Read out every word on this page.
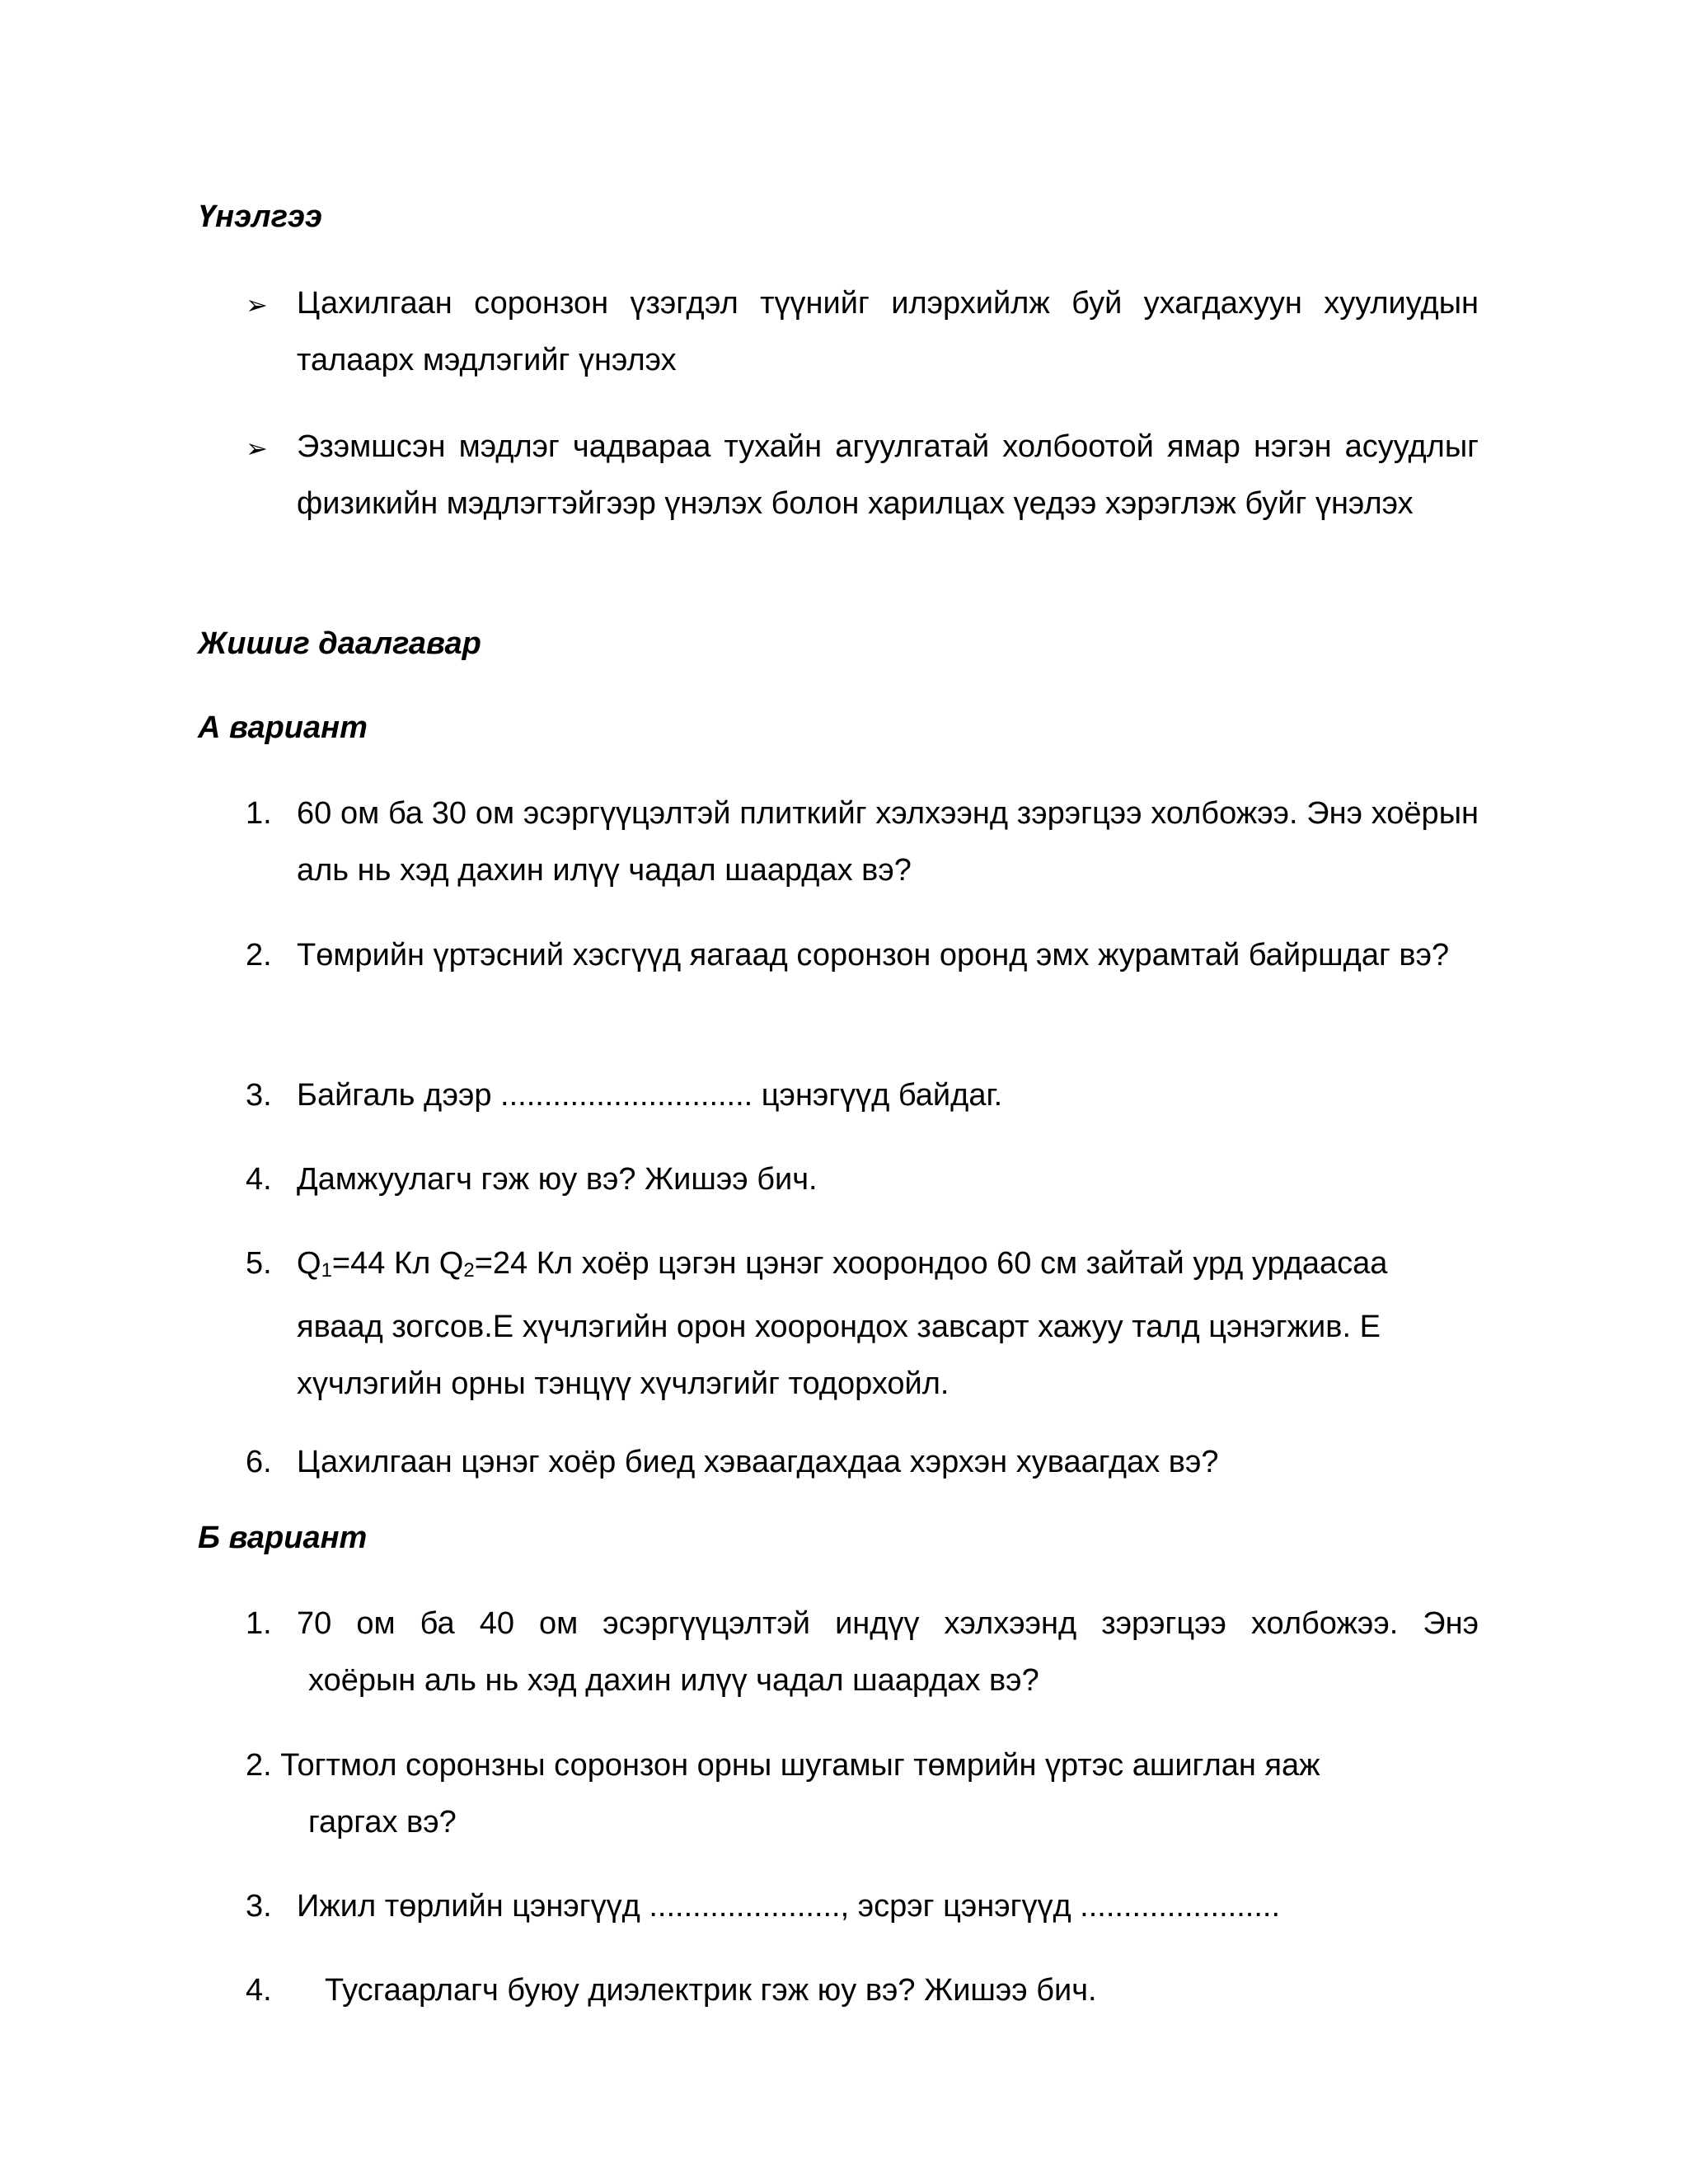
Үнэлгээ
➢ Цахилгаан соронзон үзэгдэл түүнийг илэрхийлж буй ухагдахуун хуулиудын талаарх мэдлэгийг үнэлэх
➢ Эзэмшсэн мэдлэг чадвараа тухайн агуулгатай холбоотой ямар нэгэн асуудлыг физикийн мэдлэгтэйгээр үнэлэх болон харилцах үедээ хэрэглэж буйг үнэлэх
Жишиг даалгавар
А вариант
1. 60 ом ба 30 ом эсэргүүцэлтэй плиткийг хэлхээнд зэрэгцээ холбожээ. Энэ хоёрын аль нь хэд дахин илүү чадал шаардах вэ?
2. Төмрийн үртэсний хэсгүүд яагаад соронзон оронд эмх журамтай байршдаг вэ?
3. Байгаль дээр ............................. цэнэгүүд байдаг.
4. Дамжуулагч гэж юу вэ? Жишээ бич.
5. Q1=44 Кл Q2=24 Кл хоёр цэгэн цэнэг хоорондоо 60 см зайтай урд урдаасаа
яваад зогсов.Е хүчлэгийн орон хоорондох завсарт хажуу талд цэнэгжив. Е
хүчлэгийн орны тэнцүү хүчлэгийг тодорхойл.
6. Цахилгаан цэнэг хоёр биед хэваагдахдаа хэрхэн хуваагдах вэ?
Б вариант
1. 70 ом ба 40 ом эсэргүүцэлтэй индүү хэлхээнд зэрэгцээ холбожээ. Энэ
хоёрын аль нь хэд дахин илүү чадал шаардах вэ?
2. Тогтмол соронзны соронзон орны шугамыг төмрийн үртэс ашиглан яаж
гаргах вэ?
3. Ижил төрлийн цэнэгүүд ......................, эсрэг цэнэгүүд .......................
4. Тусгаарлагч буюу диэлектрик гэж юу вэ? Жишээ бич.
